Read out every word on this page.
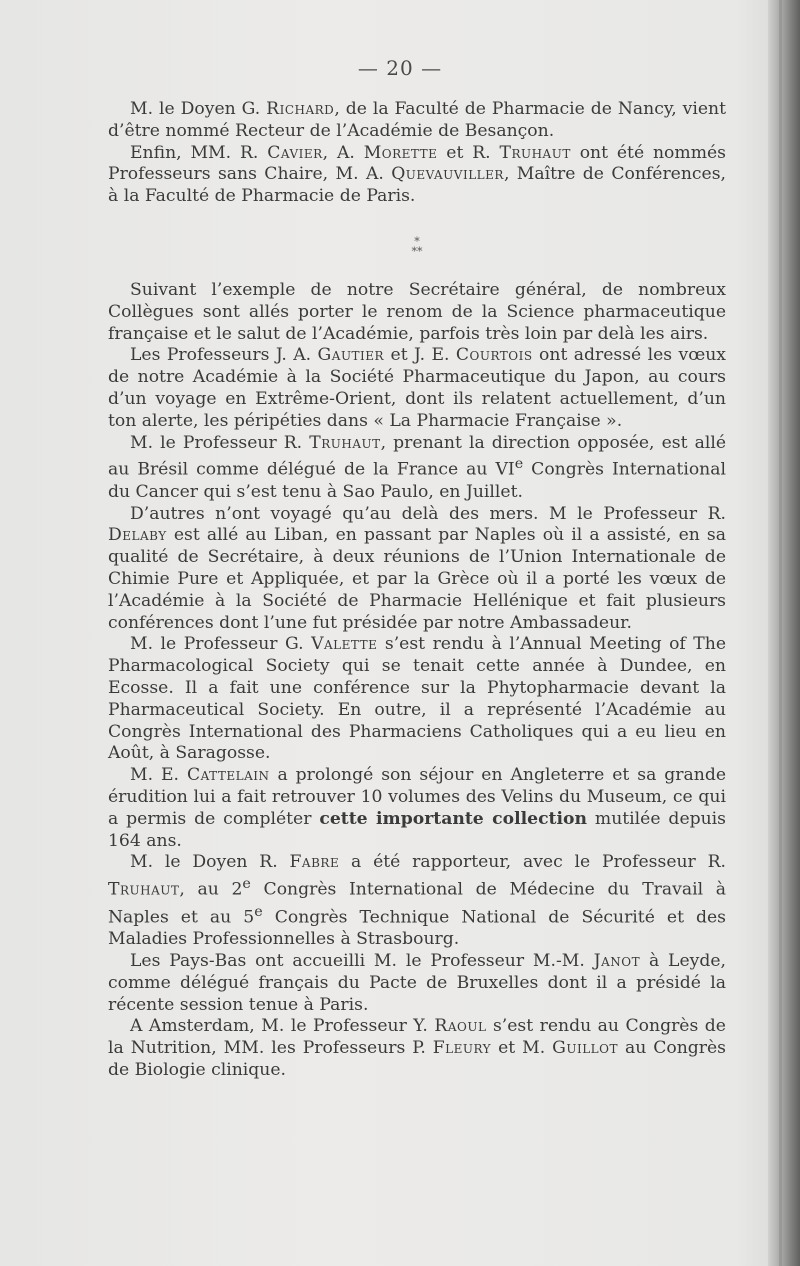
— 20 —

M. le Doyen G. Richard, de la Faculté de Pharmacie de Nancy, vient d’être nommé Recteur de l’Académie de Besançon.

Enfin, MM. R. Cavier, A. Morette et R. Truhaut ont été nommés Professeurs sans Chaire, M. A. Quevauviller, Maître de Conférences, à la Faculté de Pharmacie de Paris.

*
**

Suivant l’exemple de notre Secrétaire général, de nombreux Collègues sont allés porter le renom de la Science pharmaceutique française et le salut de l’Académie, parfois très loin par delà les airs.

Les Professeurs J. A. Gautier et J. E. Courtois ont adressé les vœux de notre Académie à la Société Pharmaceutique du Japon, au cours d’un voyage en Extrême-Orient, dont ils relatent actuellement, d’un ton alerte, les péripéties dans « La Pharmacie Française ».

M. le Professeur R. Truhaut, prenant la direction opposée, est allé au Brésil comme délégué de la France au VIe Congrès International du Cancer qui s’est tenu à Sao Paulo, en Juillet.

D’autres n’ont voyagé qu’au delà des mers. M le Professeur R. Delaby est allé au Liban, en passant par Naples où il a assisté, en sa qualité de Secrétaire, à deux réunions de l’Union Internationale de Chimie Pure et Appliquée, et par la Grèce où il a porté les vœux de l’Académie à la Société de Pharmacie Hellénique et fait plusieurs conférences dont l’une fut présidée par notre Ambassadeur.

M. le Professeur G. Valette s’est rendu à l’Annual Meeting of The Pharmacological Society qui se tenait cette année à Dundee, en Ecosse. Il a fait une conférence sur la Phytopharmacie devant la Pharmaceutical Society. En outre, il a représenté l’Académie au Congrès International des Pharmaciens Catholiques qui a eu lieu en Août, à Saragosse.

M. E. Cattelain a prolongé son séjour en Angleterre et sa grande érudition lui a fait retrouver 10 volumes des Velins du Museum, ce qui a permis de compléter cette importante collection mutilée depuis 164 ans.

M. le Doyen R. Fabre a été rapporteur, avec le Professeur R. Truhaut, au 2e Congrès International de Médecine du Travail à Naples et au 5e Congrès Technique National de Sécurité et des Maladies Professionnelles à Strasbourg.

Les Pays-Bas ont accueilli M. le Professeur M.-M. Janot à Leyde, comme délégué français du Pacte de Bruxelles dont il a présidé la récente session tenue à Paris.

A Amsterdam, M. le Professeur Y. Raoul s’est rendu au Congrès de la Nutrition, MM. les Professeurs P. Fleury et M. Guillot au Congrès de Biologie clinique.
